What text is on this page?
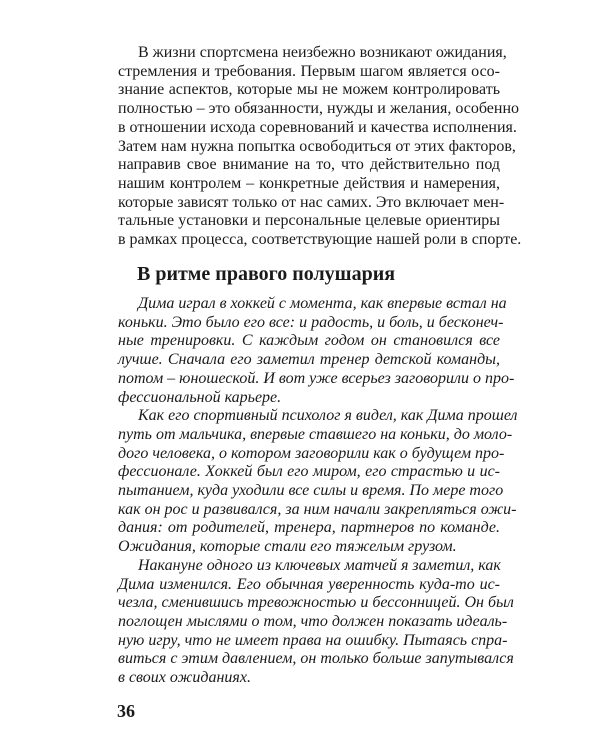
В жизни спортсмена неизбежно возникают ожидания,
стремления и требования. Первым шагом является осо-
знание аспектов, которые мы не можем контролировать
полностью – это обязанности, нужды и желания, особенно
в отношении исхода соревнований и качества исполнения.
Затем нам нужна попытка освободиться от этих факторов,
направив свое внимание на то, что действительно под
нашим контролем – конкретные действия и намерения,
которые зависят только от нас самих. Это включает мен-
тальные установки и персональные целевые ориентиры
в рамках процесса, соответствующие нашей роли в спорте.
В ритме правого полушария
Дима играл в хоккей с момента, как впервые встал на
коньки. Это было его все: и радость, и боль, и бесконеч-
ные тренировки. С каждым годом он становился все
лучше. Сначала его заметил тренер детской команды,
потом – юношеской. И вот уже всерьез заговорили о про-
фессиональной карьере.
Как его спортивный психолог я видел, как Дима прошел
путь от мальчика, впервые ставшего на коньки, до моло-
дого человека, о котором заговорили как о будущем про-
фессионале. Хоккей был его миром, его страстью и ис-
пытанием, куда уходили все силы и время. По мере того
как он рос и развивался, за ним начали закрепляться ожи-
дания: от родителей, тренера, партнеров по команде.
Ожидания, которые стали его тяжелым грузом.
Накануне одного из ключевых матчей я заметил, как
Дима изменился. Его обычная уверенность куда-то ис-
чезла, сменившись тревожностью и бессонницей. Он был
поглощен мыслями о том, что должен показать идеаль-
ную игру, что не имеет права на ошибку. Пытаясь спра-
виться с этим давлением, он только больше запутывался
в своих ожиданиях.
36
